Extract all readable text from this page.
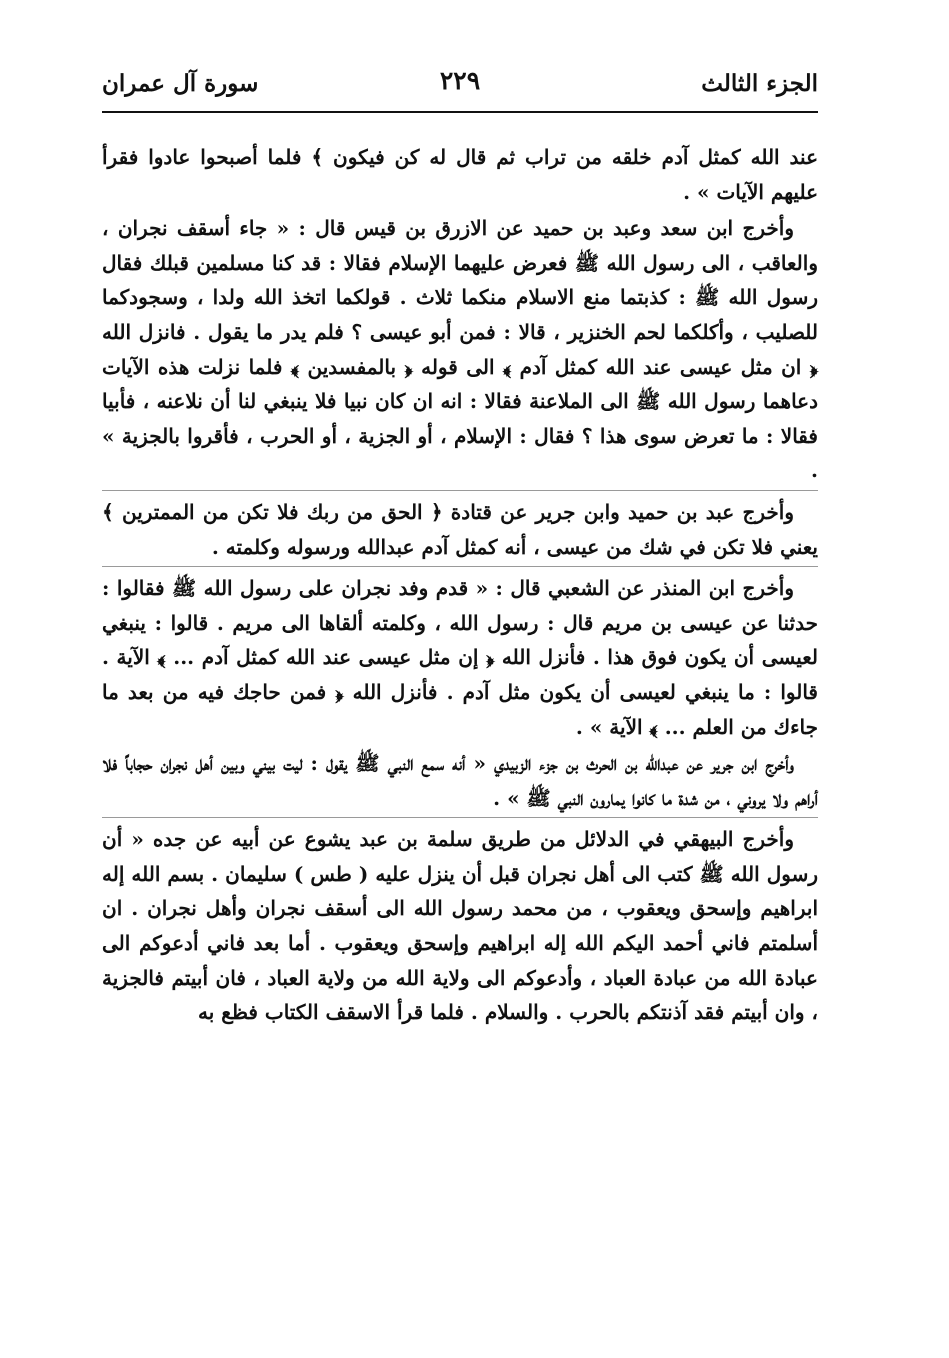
الجزء الثالث
٢٢٩
سورة آل عمران

عند الله كمثل آدم خلقه من تراب ثم قال له كن فيكون ﴾ فلما أصبحوا عادوا فقرأ عليهم الآيات » .

وأخرج ابن سعد وعبد بن حميد عن الازرق بن قيس قال : « جاء أسقف نجران ، والعاقب ، الى رسول الله ﷺ فعرض عليهما الإسلام فقالا : قد كنا مسلمين قبلك فقال رسول الله ﷺ : كذبتما منع الاسلام منكما ثلاث . قولكما اتخذ الله ولدا ، وسجودكما للصليب ، وأكلكما لحم الخنزير ، قالا : فمن أبو عيسى ؟ فلم يدر ما يقول . فانزل الله ﴿ ان مثل عيسى عند الله كمثل آدم ﴾ الى قوله ﴿ بالمفسدين ﴾ فلما نزلت هذه الآيات دعاهما رسول الله ﷺ الى الملاعنة فقالا : انه ان كان نبيا فلا ينبغي لنا أن نلاعنه ، فأبيا فقالا : ما تعرض سوى هذا ؟ فقال : الإسلام ، أو الجزية ، أو الحرب ، فأقروا بالجزية » .

وأخرج عبد بن حميد وابن جرير عن قتادة ﴿ الحق من ربك فلا تكن من الممترين ﴾ يعني فلا تكن في شك من عيسى ، أنه كمثل آدم عبدالله ورسوله وكلمته .

وأخرج ابن المنذر عن الشعبي قال : « قدم وفد نجران على رسول الله ﷺ فقالوا : حدثنا عن عيسى بن مريم قال : رسول الله ، وكلمته ألقاها الى مريم . قالوا : ينبغي لعيسى أن يكون فوق هذا . فأنزل الله ﴿ إن مثل عيسى عند الله كمثل آدم ... ﴾ الآية . قالوا : ما ينبغي لعيسى أن يكون مثل آدم . فأنزل الله ﴿ فمن حاجك فيه من بعد ما جاءك من العلم ... ﴾ الآية » .

وأخرج ابن جرير عن عبدالله بن الحرث بن جزء الزبيدي « أنه سمع النبي ﷺ يقول : ليت بيني وبين أهل نجران حجاباً فلا أراهم ولا يروني ، من شدة ما كانوا يمارون النبي ﷺ » .

وأخرج البيهقي في الدلائل من طريق سلمة بن عبد يشوع عن أبيه عن جده « أن رسول الله ﷺ كتب الى أهل نجران قبل أن ينزل عليه ( طس ) سليمان . بسم الله إله ابراهيم وإسحق ويعقوب ، من محمد رسول الله الى أسقف نجران وأهل نجران . ان أسلمتم فاني أحمد اليكم الله إله ابراهيم وإسحق ويعقوب . أما بعد فاني أدعوكم الى عبادة الله من عبادة العباد ، وأدعوكم الى ولاية الله من ولاية العباد ، فان أبيتم فالجزية ، وان أبيتم فقد آذنتكم بالحرب . والسلام . فلما قرأ الاسقف الكتاب فظع به
